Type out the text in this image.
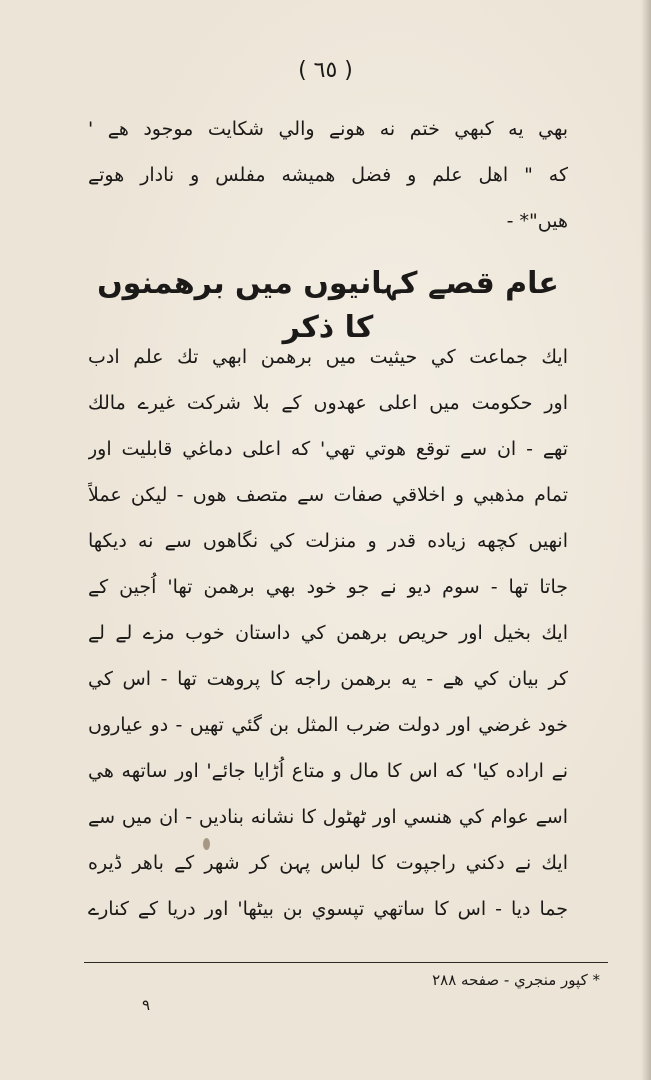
( ٦٥ )
بهي يه كبهي ختم نه هونے والي شكايت موجود هے '
كه " اهل علم و فضل هميشه مفلس و نادار هوتے
هيں"* -
عام قصے كہانيوں ميں برهمنوں كا ذكر
ايك جماعت كي حيثيت ميں برهمن ابهي تك علم ادب
اور حكومت ميں اعلى عهدوں كے بلا شركت غيرے مالك
تهے - ان سے توقع هوتي تهي' كه اعلى دماغي قابليت اور
تمام مذهبي و اخلاقي صفات سے متصف هوں - ليكن عملاً
انهيں كچهه زياده قدر و منزلت كي نگاهوں سے نه ديكها
جاتا تها - سوم ديو نے جو خود بهي برهمن تها' اُجين كے
ايك بخيل اور حريص برهمن كي داستان خوب مزے لے لے
كر بيان كي هے - يه برهمن راجه كا پروهت تها - اس كي
خود غرضي اور دولت ضرب المثل بن گئي تهيں - دو عياروں
نے اراده كيا' كه اس كا مال و متاع اُڑايا جائے' اور ساتهه هي
اسے عوام كي هنسي اور ٹهٹول كا نشانه بناديں - ان ميں سے
ايك نے دكني راجپوت كا لباس پہن كر شهر كے باهر ڈيره
جما ديا - اس كا ساتهي تپسوي بن بيٹها' اور دريا كے كنارے
* كپور منجري - صفحه ٢٨٨
٩
